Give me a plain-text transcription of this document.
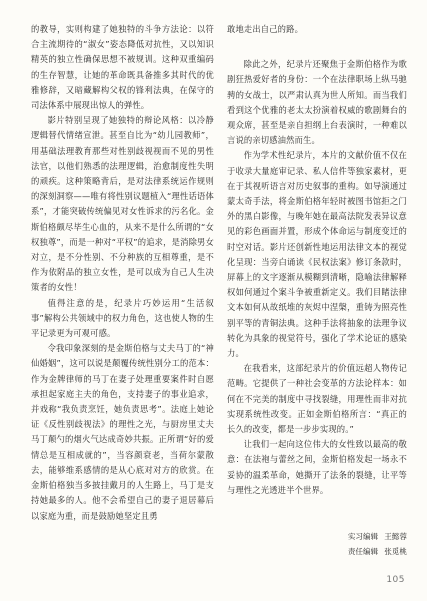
的教导，实则构建了她独特的斗争方法论：以符合主流期待的“淑女”姿态降低对抗性，又以知识精英的独立性确保思想不被规训。这种双重编码的生存智慧，让她的革命既具备推多其时代的优雅修辞，又暗藏解构父权的锋利法典，在保守的司法体系中展现出惊人的弹性。

影片特别呈现了她独特的辩论风格：以冷静逻辑替代情绪宣泄。甚至自比为“幼儿园教师”，用基础法理教育那些对性别歧视视而不见的男性法官，以他们熟悉的法理逻辑，治愈制度性失明的顽疾。这种策略背后，是对法律系统运作规则的深刻洞察——唯有将性别议题植入“理性话语体系”，才能突破传统偏见对女性诉求的污名化。金斯伯格颇尽毕生心血的，从来不是什么所谓的“女权独尊”，而是一种对“平权”的追求，是消除男女对立，是不分性别、不分种族的互相尊重，是不作为依附品的独立女性，是可以成为自己人生决策者的女性！

值得注意的是，纪录片巧妙运用“生活叙事”解构公共领域中的权力角色，这也使人物的生平记录更为可观可感。

令我印象深刻的是金斯伯格与丈夫马丁的“神仙婚姻”，这可以说是颠覆传统性别分工的范本：作为金牌律师的马丁在妻子处理重要案件时自愿承担起家庭主夫的角色，支持妻子的事业追求，并戏称“我负责烹饪，她负责思考”。法庭上她论证《反性别歧视法》的理性之光，与厨房里丈夫马丁颠勺的烟火气达成奇妙共振。正所谓“好的爱情总是互相成就的”，当容颜衰老，当荷尔蒙散去，能够维系感情的是从心底对对方的欣赏。在金斯伯格独当多披挂戴月的人生路上，马丁是支持她最多的人。他不会希望自己的妻子退居幕后以家庭为重，而是鼓励她坚定且勇

敢地走出自己的路。

除此之外，纪录片还聚焦于金斯伯格作为歌剧狂热爱好者的身份：一个在法律职场上纵马驰骋的女战士，以严肃认真为世人所知。而当我们看到这个优雅的老太太扮演着权威的歌剧舞台的观众席，甚至是亲自担纲上台表演时，一种难以言说的亲切感油然而生。

作为学术性纪录片，本片的文献价值不仅在于收录大量庭审记录、私人信件等独家素材，更在于其视听语言对历史叙事的重构。如导演通过蒙太奇手法，将金斯伯格年轻时被图书馆拒之门外的黑白影像，与晚年她在最高法院发表异议意见的彩色画面并置，形成个体命运与制度变迁的时空对话。影片还创新性地运用法律文本的视觉化呈现：当旁白诵读《民权法案》修订条款时，屏幕上的文字逐渐从模糊到清晰，隐喻法律解释权如何通过个案斗争被重新定义。我们目睹法律文本如何从故纸堆的灰烬中涅槃，重铸为照亮性别平等的青铜法典。这种手法将抽象的法理争议转化为具象的视觉符号，强化了学术论证的感染力。

在我看来，这部纪录片的价值远超人物传记范畴。它提供了一种社会变革的方法论样本：如何在不完美的制度中寻找裂缝，用理性而非对抗实现系统性改变。正如金斯伯格所言：“真正的长久的改变，都是一步步实现的。”

让我们一起向这位伟大的女性致以最高的敬意：在法袍与蕾丝之间，金斯伯格发起一场永不妥协的温柔革命，她撕开了法条的裂缝，让平等与理性之光透进半个世界。

实习编辑 王懿蓉
责任编辑 张觅桃
105
